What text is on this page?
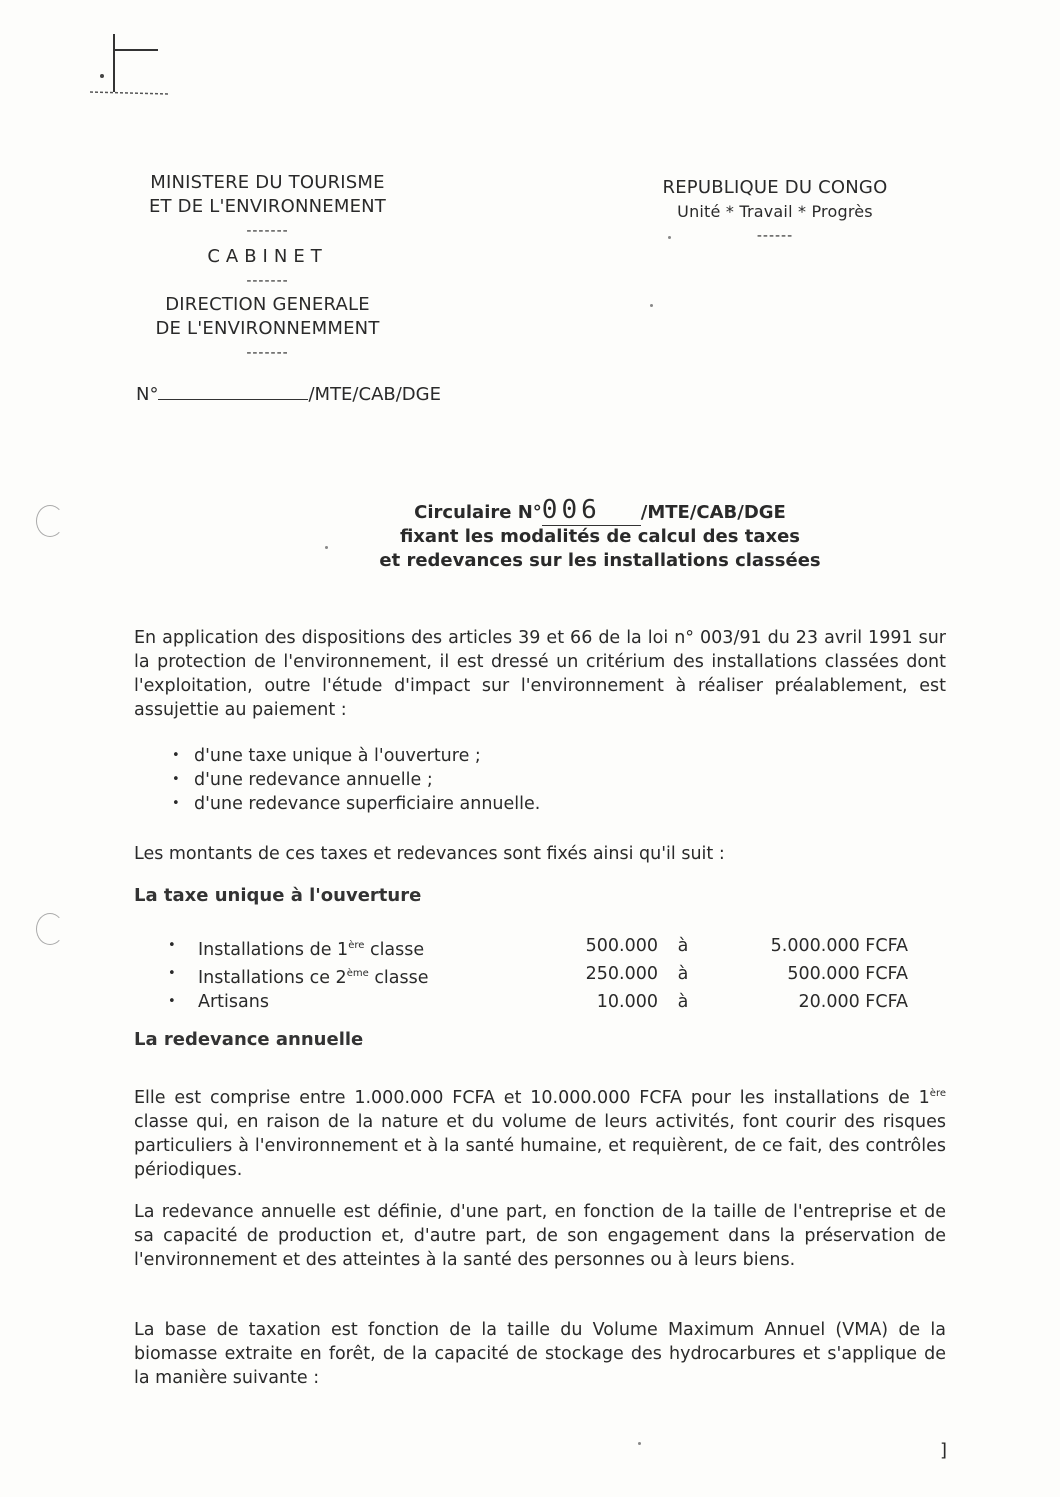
MINISTERE DU TOURISME
ET DE L'ENVIRONNEMENT
-------
CABINET
-------
DIRECTION GENERALE
DE L'ENVIRONNEMMENT
-------
REPUBLIQUE DU CONGO
Unité * Travail * Progrès
------
N°	/MTE/CAB/DGE
Circulaire N°006 /MTE/CAB/DGE
fixant les modalités de calcul des taxes
et redevances sur les installations classées
En application des dispositions des articles 39 et 66 de la loi n° 003/91 du 23 avril 1991 sur la protection de l'environnement, il est dressé un critérium des installations classées dont l'exploitation, outre l'étude d'impact sur l'environnement à réaliser préalablement, est assujettie au paiement :
• d'une taxe unique à l'ouverture ;
• d'une redevance annuelle ;
• d'une redevance superficiaire annuelle.
Les montants de ces taxes et redevances sont fixés ainsi qu'il suit :
La taxe unique à l'ouverture
•	Installations de 1ère classe	500.000	à	5.000.000 FCFA
•	Installations ce 2ème classe	250.000	à	500.000 FCFA
•	Artisans	10.000	à	20.000 FCFA
La redevance annuelle
Elle est comprise entre 1.000.000 FCFA et 10.000.000 FCFA pour les installations de 1ère classe qui, en raison de la nature et du volume de leurs activités, font courir des risques particuliers à l'environnement et à la santé humaine, et requièrent, de ce fait, des contrôles périodiques.
La redevance annuelle est définie, d'une part, en fonction de la taille de l'entreprise et de sa capacité de production et, d'autre part, de son engagement dans la préservation de l'environnement et des atteintes à la santé des personnes ou à leurs biens.
La base de taxation est fonction de la taille du Volume Maximum Annuel (VMA) de la biomasse extraite en forêt, de la capacité de stockage des hydrocarbures et s'applique de la manière suivante :
]
